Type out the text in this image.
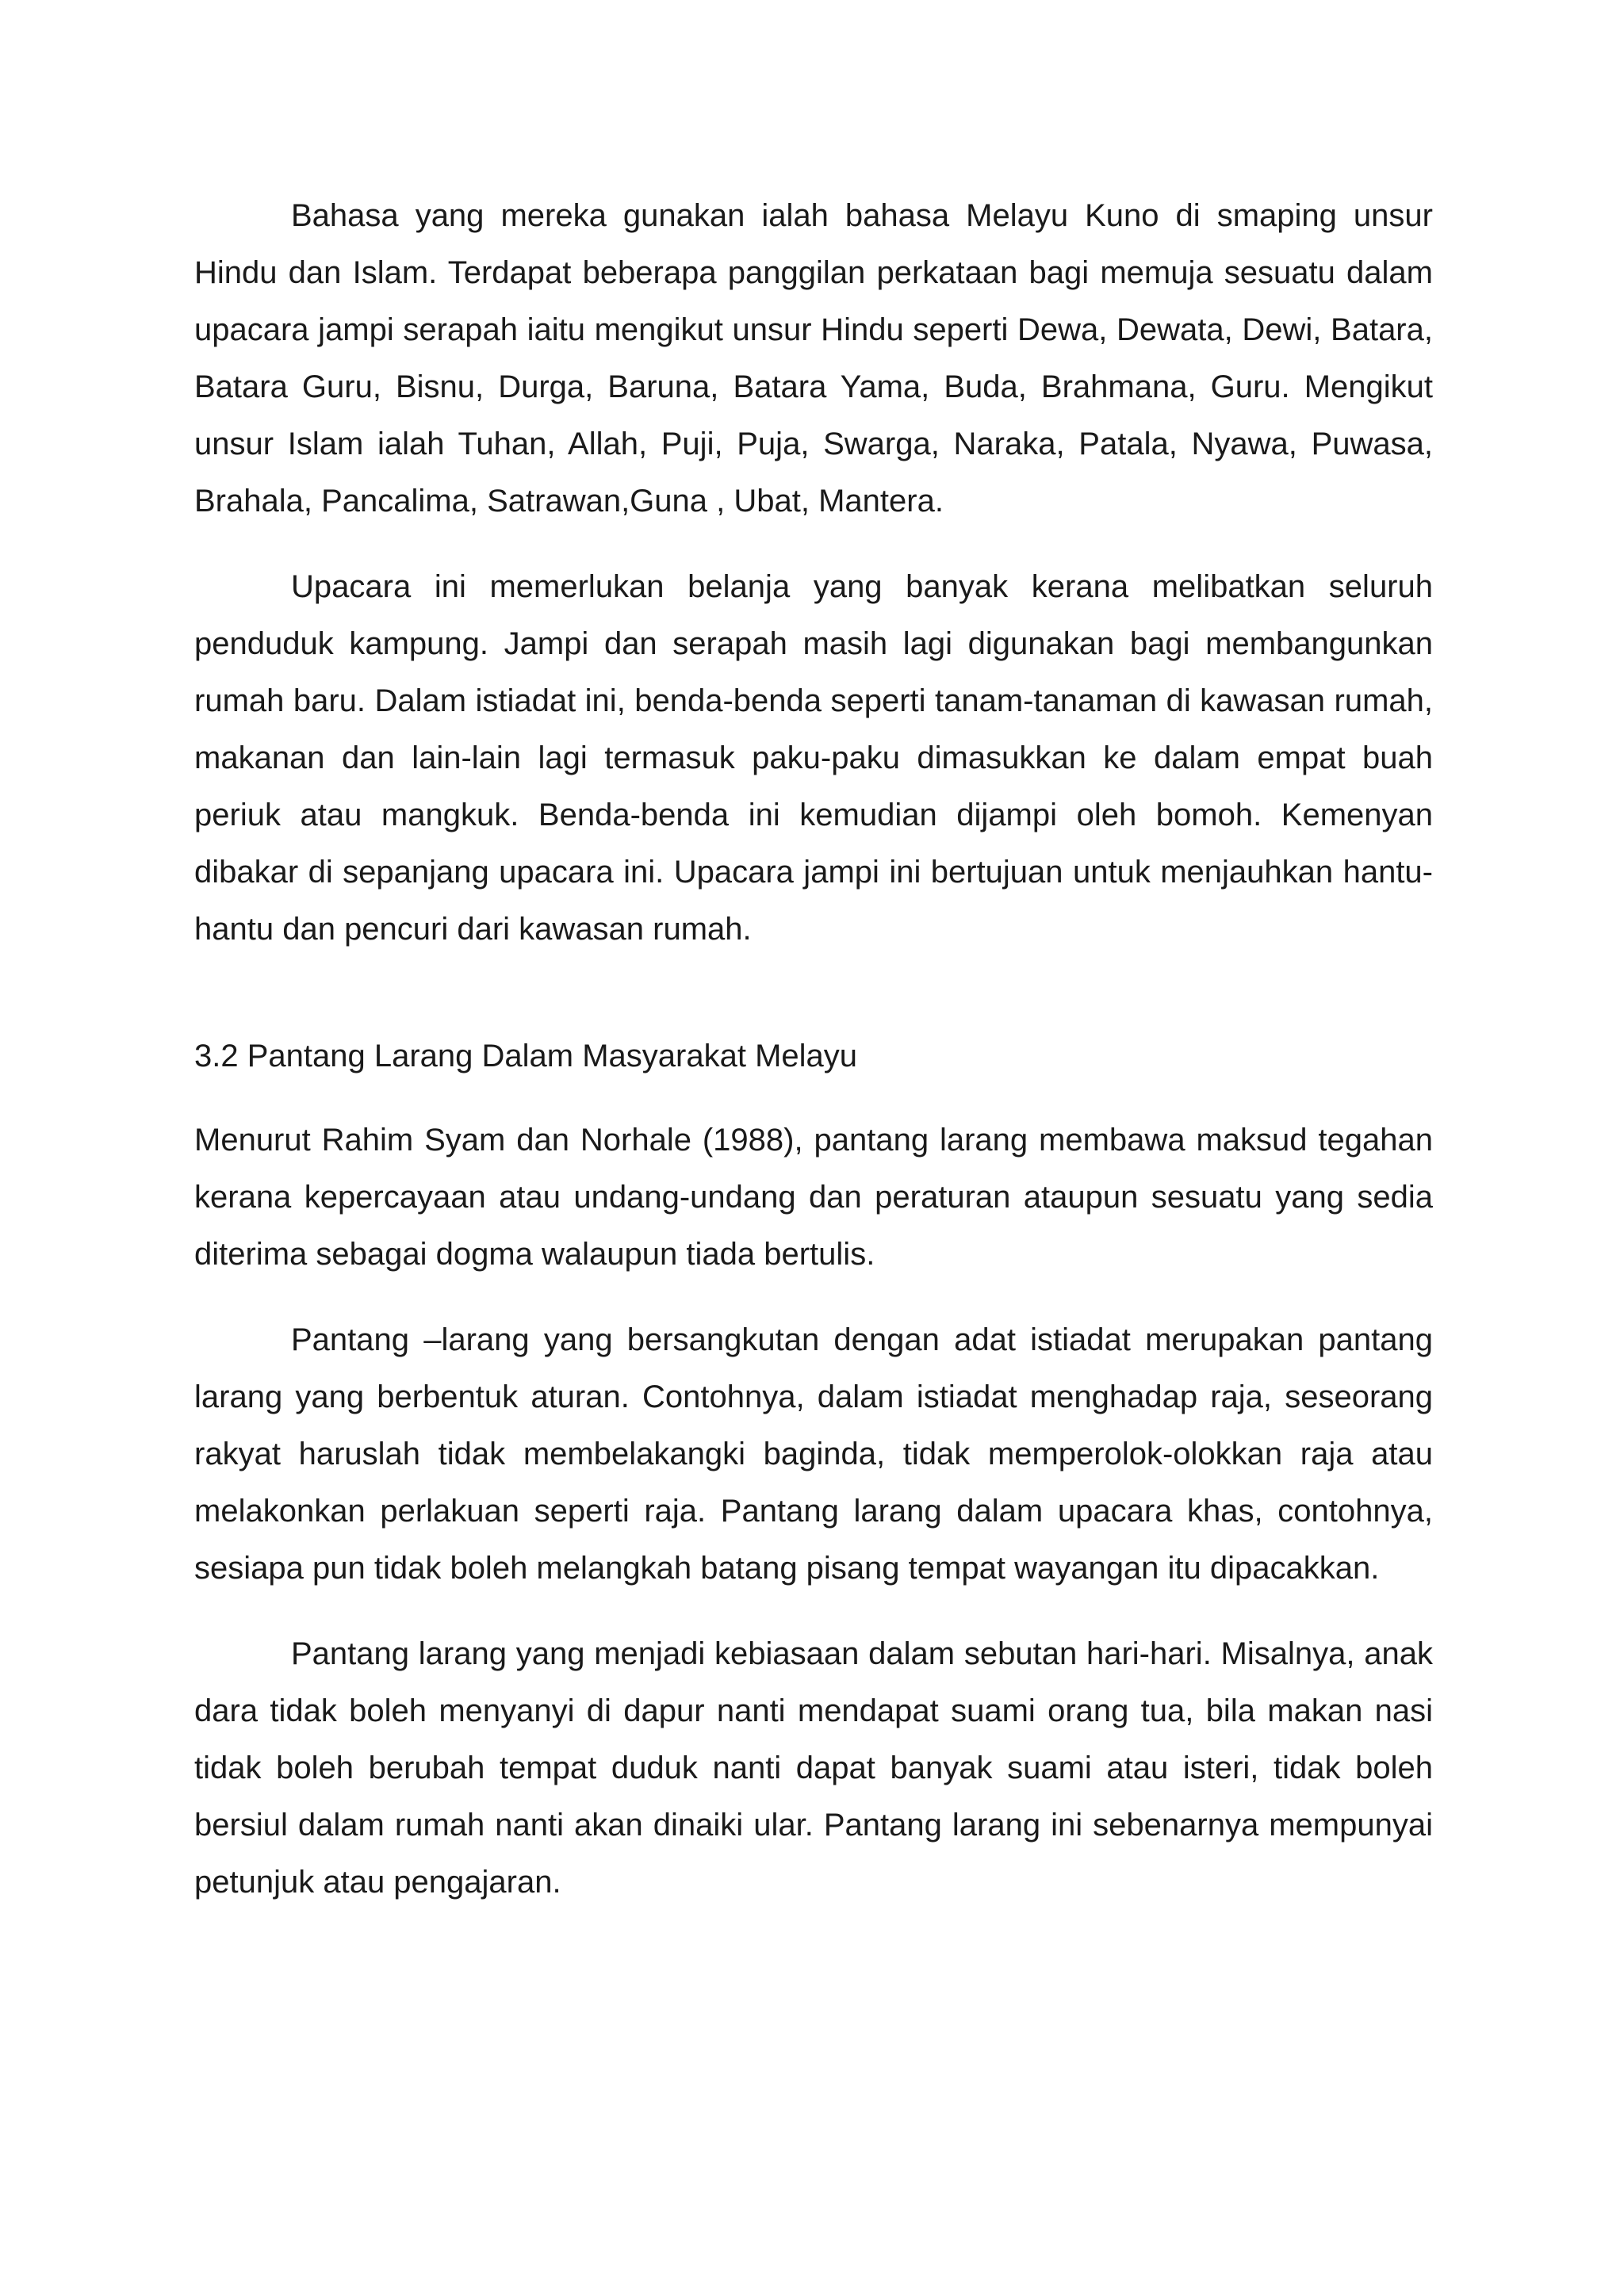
Bahasa yang mereka gunakan ialah bahasa Melayu Kuno di smaping unsur Hindu dan Islam. Terdapat beberapa panggilan perkataan bagi memuja sesuatu dalam upacara jampi serapah iaitu mengikut unsur Hindu seperti Dewa, Dewata, Dewi, Batara, Batara Guru, Bisnu, Durga, Baruna, Batara Yama, Buda, Brahmana, Guru. Mengikut unsur Islam ialah Tuhan, Allah, Puji, Puja, Swarga, Naraka, Patala, Nyawa, Puwasa, Brahala, Pancalima, Satrawan,Guna , Ubat, Mantera.

Upacara ini memerlukan belanja yang banyak kerana melibatkan seluruh penduduk kampung. Jampi dan serapah masih lagi digunakan bagi membangunkan rumah baru. Dalam istiadat ini, benda-benda seperti tanam-tanaman di kawasan rumah, makanan dan lain-lain lagi termasuk paku-paku dimasukkan ke dalam empat buah periuk atau mangkuk. Benda-benda ini kemudian dijampi oleh bomoh. Kemenyan dibakar di sepanjang upacara ini. Upacara jampi ini bertujuan untuk menjauhkan hantu-hantu dan pencuri dari kawasan rumah.

3.2 Pantang Larang Dalam Masyarakat Melayu

Menurut Rahim Syam dan Norhale (1988), pantang larang membawa maksud tegahan kerana kepercayaan atau undang-undang dan peraturan ataupun sesuatu yang sedia diterima sebagai dogma walaupun tiada bertulis.

Pantang –larang yang bersangkutan dengan adat istiadat merupakan pantang larang yang berbentuk aturan. Contohnya, dalam istiadat menghadap raja, seseorang rakyat haruslah tidak membelakangki baginda, tidak memperolok-olokkan raja atau melakonkan perlakuan seperti raja. Pantang larang dalam upacara khas, contohnya, sesiapa pun tidak boleh melangkah batang pisang tempat wayangan itu dipacakkan.

Pantang larang yang menjadi kebiasaan dalam sebutan hari-hari. Misalnya, anak dara tidak boleh menyanyi di dapur nanti mendapat suami orang tua, bila makan nasi tidak boleh berubah tempat duduk nanti dapat banyak suami atau isteri, tidak boleh bersiul dalam rumah nanti akan dinaiki ular. Pantang larang ini sebenarnya mempunyai petunjuk atau pengajaran.
